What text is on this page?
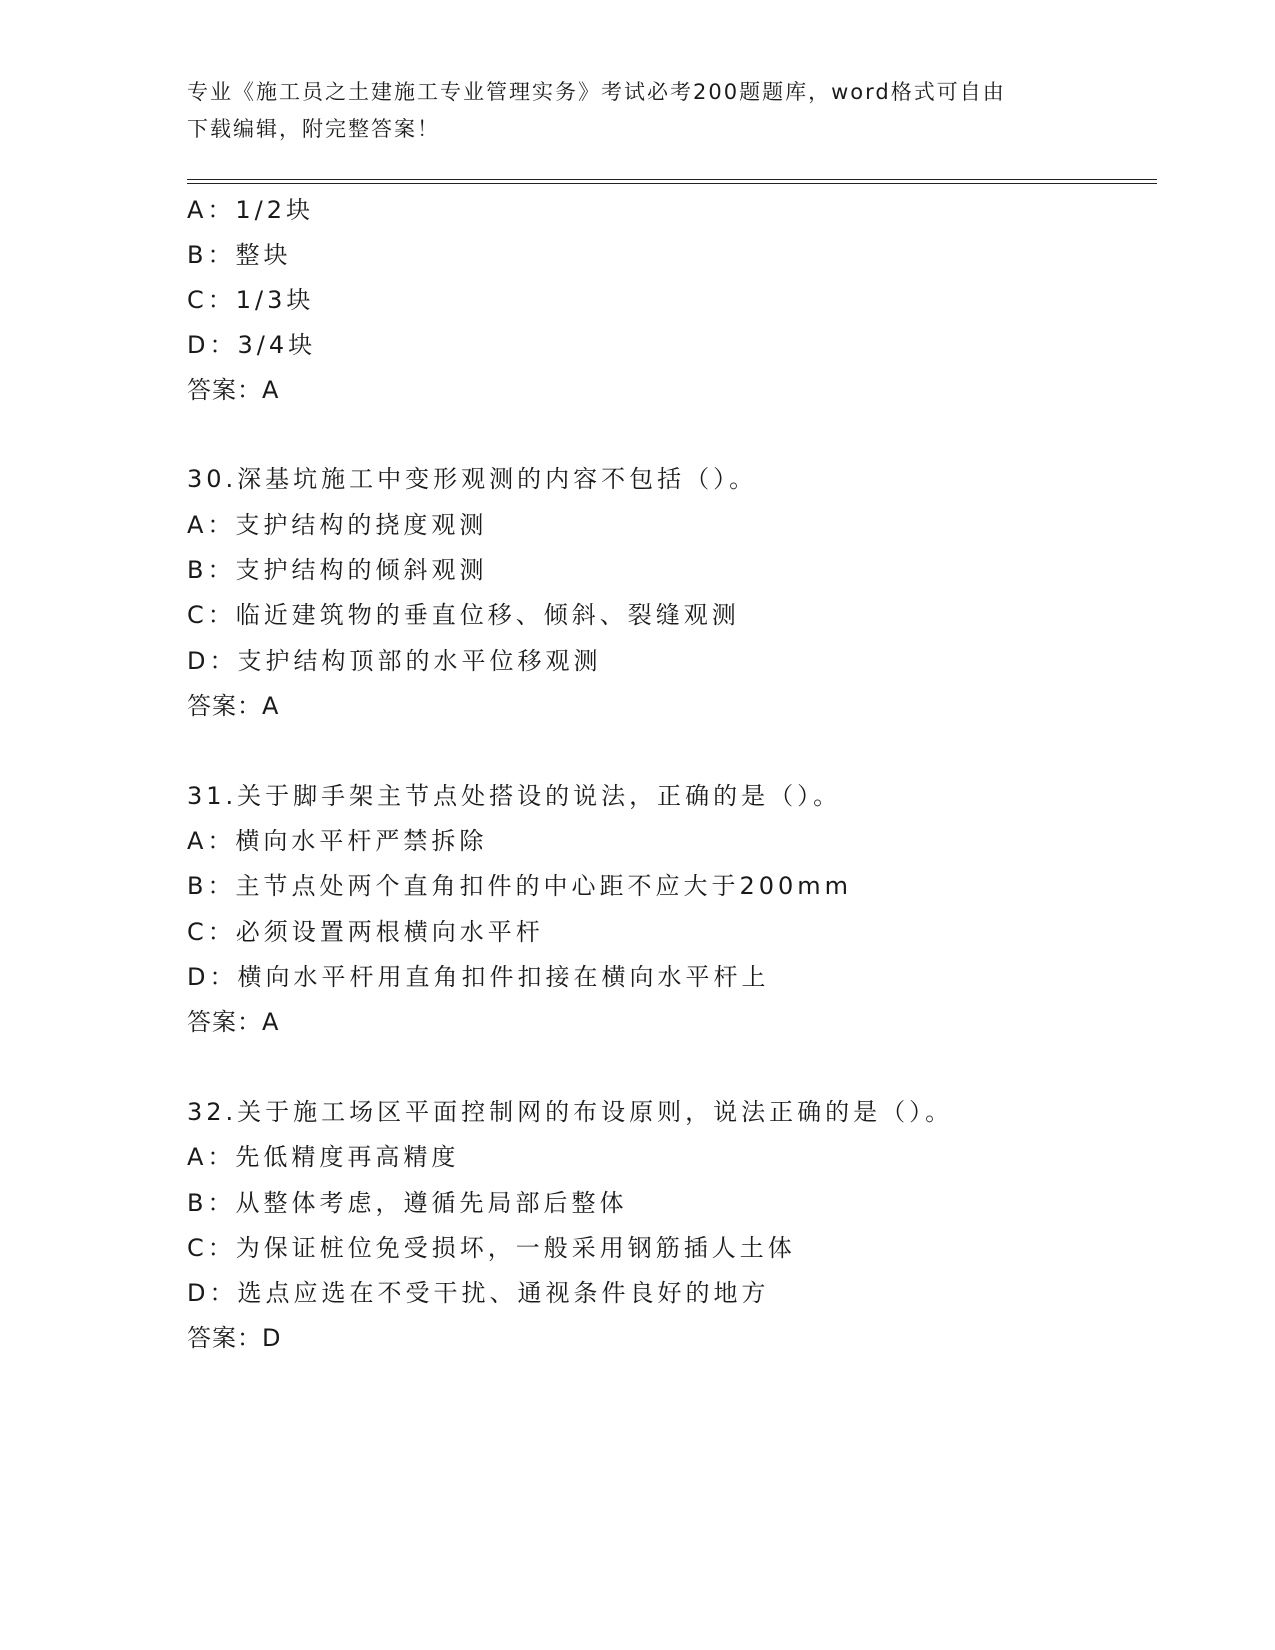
专业《施工员之土建施工专业管理实务》考试必考200题题库，word格式可自由

下载编辑，附完整答案！

A：1/2块

B：整块

C：1/3块

D：3/4块

答案：A

30.深基坑施工中变形观测的内容不包括（）。

A：支护结构的挠度观测

B：支护结构的倾斜观测

C：临近建筑物的垂直位移、倾斜、裂缝观测

D：支护结构顶部的水平位移观测

答案：A

31.关于脚手架主节点处搭设的说法，正确的是（）。

A：横向水平杆严禁拆除

B：主节点处两个直角扣件的中心距不应大于200mm

C：必须设置两根横向水平杆

D：横向水平杆用直角扣件扣接在横向水平杆上

答案：A

32.关于施工场区平面控制网的布设原则，说法正确的是（）。

A：先低精度再高精度

B：从整体考虑，遵循先局部后整体

C：为保证桩位免受损坏，一般采用钢筋插人土体

D：选点应选在不受干扰、通视条件良好的地方

答案：D
